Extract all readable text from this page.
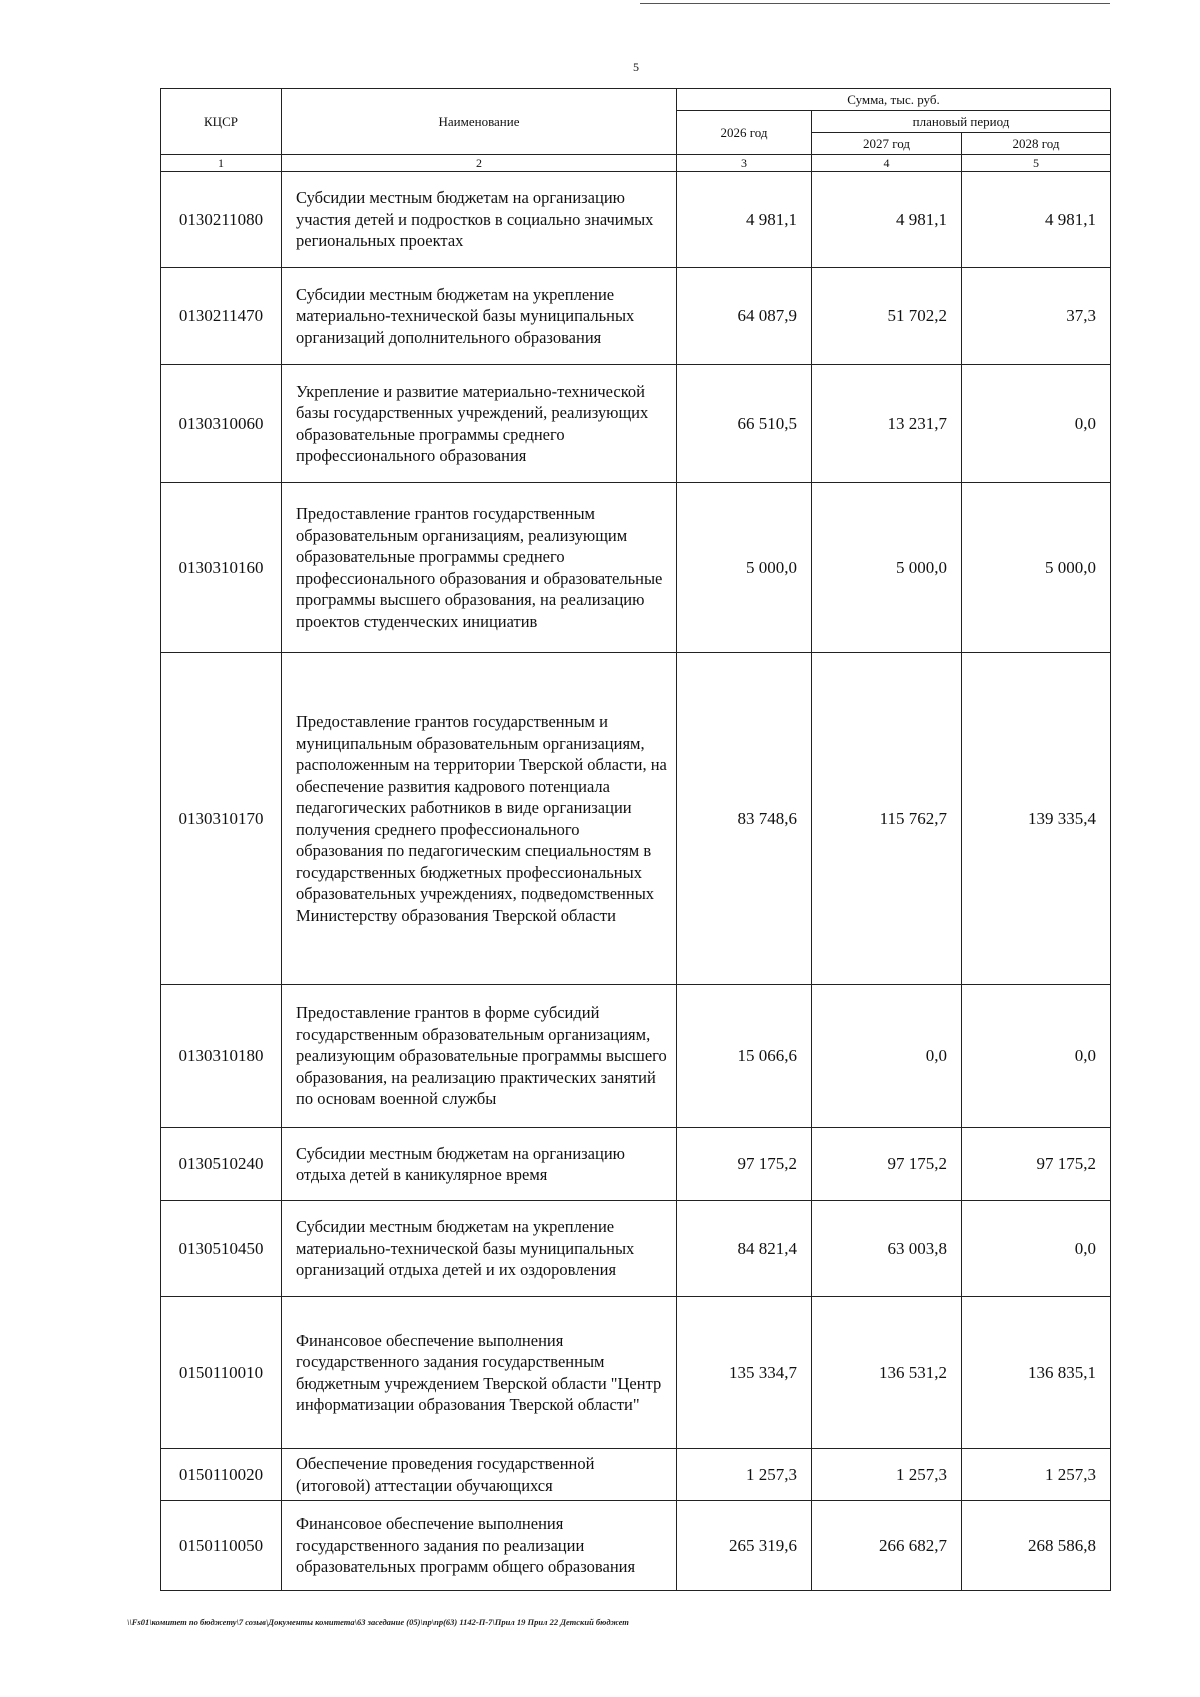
5
КЦСР	Наименование	Сумма, тыс. руб.		
		2026 год	плановый период	
			2027 год	2028 год
1	2	3	4	5
0130211080	Субсидии местным бюджетам на организацию участия детей и подростков в социально значимых региональных проектах	4 981,1	4 981,1	4 981,1
0130211470	Субсидии местным бюджетам на укрепление материально-технической базы муниципальных организаций дополнительного образования	64 087,9	51 702,2	37,3
0130310060	Укрепление и развитие материально-технической базы государственных учреждений, реализующих образовательные программы среднего профессионального образования	66 510,5	13 231,7	0,0
0130310160	Предоставление грантов государственным образовательным организациям, реализующим образовательные программы среднего профессионального образования и образовательные программы высшего образования, на реализацию проектов студенческих инициатив	5 000,0	5 000,0	5 000,0
0130310170	Предоставление грантов государственным и муниципальным образовательным организациям, расположенным на территории Тверской области, на обеспечение развития кадрового потенциала педагогических работников в виде организации получения среднего профессионального образования по педагогическим специальностям в государственных бюджетных профессиональных образовательных учреждениях, подведомственных Министерству образования Тверской области	83 748,6	115 762,7	139 335,4
0130310180	Предоставление грантов в форме субсидий государственным образовательным организациям, реализующим образовательные программы высшего образования, на реализацию практических занятий по основам военной службы	15 066,6	0,0	0,0
0130510240	Субсидии местным бюджетам на организацию отдыха детей в каникулярное время	97 175,2	97 175,2	97 175,2
0130510450	Субсидии местным бюджетам на укрепление материально-технической базы муниципальных организаций отдыха детей и их оздоровления	84 821,4	63 003,8	0,0
0150110010	Финансовое обеспечение выполнения государственного задания государственным бюджетным учреждением Тверской области "Центр информатизации образования Тверской области"	135 334,7	136 531,2	136 835,1
0150110020	Обеспечение проведения государственной (итоговой) аттестации обучающихся	1 257,3	1 257,3	1 257,3
0150110050	Финансовое обеспечение выполнения государственного задания по реализации образовательных программ общего образования	265 319,6	266 682,7	268 586,8
\\Fs01\комитет по бюджету\7 созыв\Документы комитета\63 заседание (05)\пр\пр(63) 1142-П-7\Прил 19 Прил 22 Детский бюджет
